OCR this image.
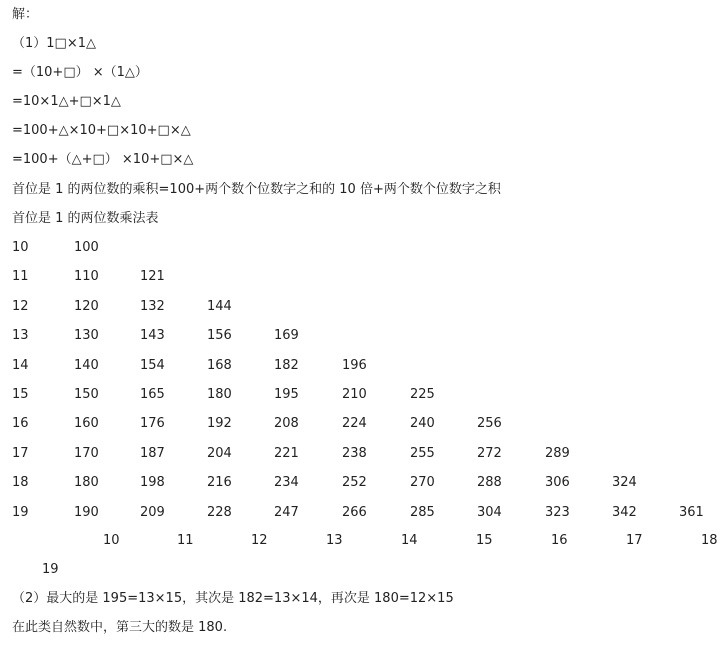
解：
（1）1□×1△
=（10+□） ×（1△）
=10×1△+□×1△
=100+△×10+□×10+□×△
=100+（△+□） ×10+□×△
首位是 1 的两位数的乘积=100+两个数个位数字之和的 10 倍+两个数个位数字之积
首位是 1 的两位数乘法表
10	100
11	110	121
12	120	132	144
13	130	143	156	169
14	140	154	168	182	196
15	150	165	180	195	210	225
16	160	176	192	208	224	240	256
17	170	187	204	221	238	255	272	289
18	180	198	216	234	252	270	288	306	324
19	190	209	228	247	266	285	304	323	342	361
10	11	12	13	14	15	16	17	18
19
（2）最大的是 195=13×15，其次是 182=13×14，再次是 180=12×15
在此类自然数中，第三大的数是 180.
